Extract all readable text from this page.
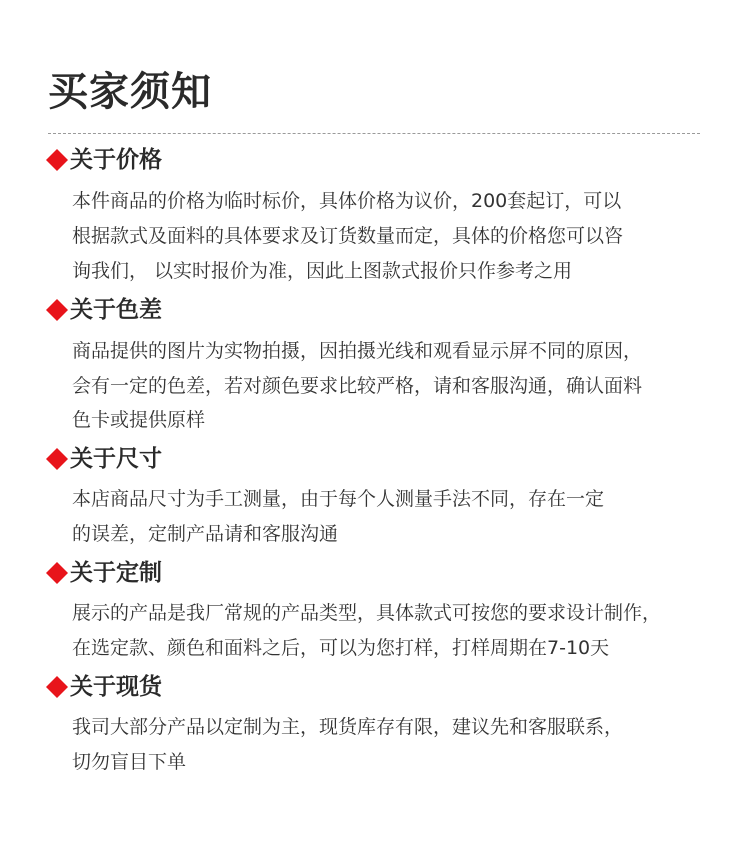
买家须知
关于价格
本件商品的价格为临时标价，具体价格为议价，200套起订，可以
根据款式及面料的具体要求及订货数量而定，具体的价格您可以咨
询我们， 以实时报价为准，因此上图款式报价只作参考之用
关于色差
商品提供的图片为实物拍摄，因拍摄光线和观看显示屏不同的原因，
会有一定的色差，若对颜色要求比较严格，请和客服沟通，确认面料
色卡或提供原样
关于尺寸
本店商品尺寸为手工测量，由于每个人测量手法不同，存在一定
的误差，定制产品请和客服沟通
关于定制
展示的产品是我厂常规的产品类型，具体款式可按您的要求设计制作，
在选定款、颜色和面料之后，可以为您打样，打样周期在7-10天
关于现货
我司大部分产品以定制为主，现货库存有限，建议先和客服联系，
切勿盲目下单
